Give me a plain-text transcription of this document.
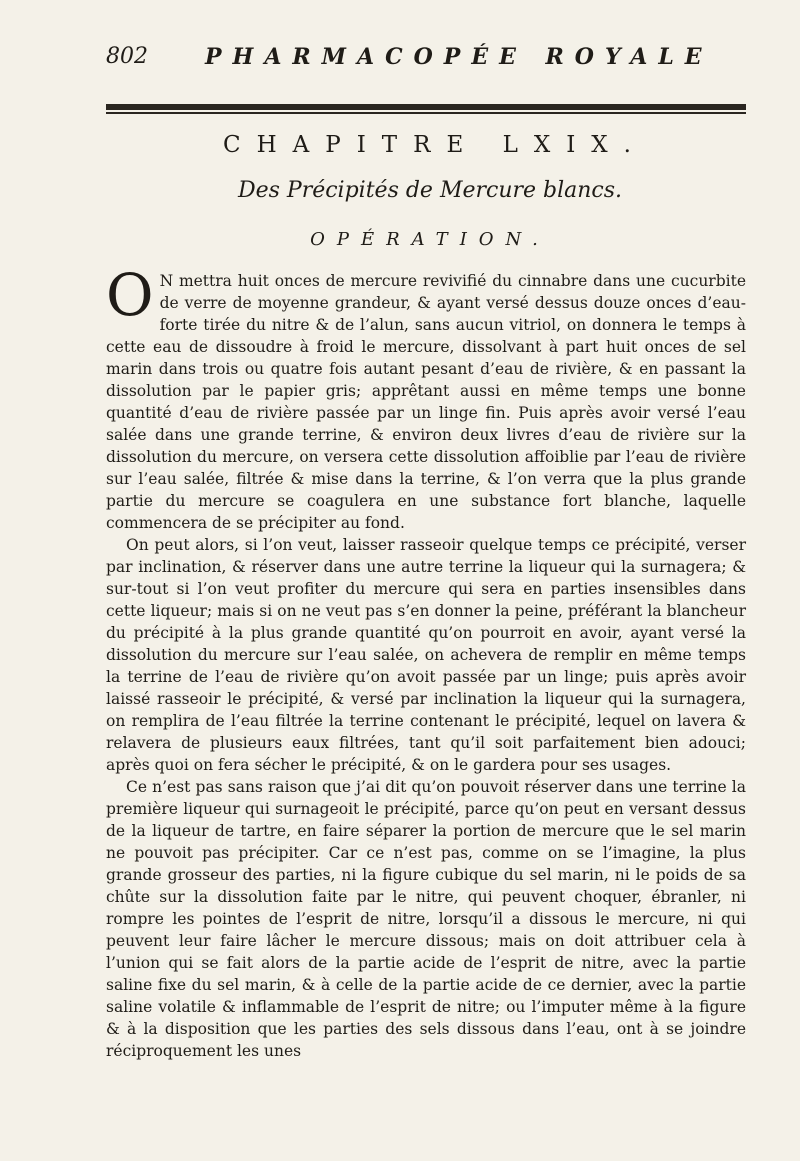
802	PHARMACOPÉE ROYALE
CHAPITRE LXIX.
Des Précipités de Mercure blancs.
OPÉRATION.

O N mettra huit onces de mercure revivifié du cinnabre dans une cucurbite de verre de moyenne grandeur, & ayant versé dessus douze onces d’eau-forte tirée du nitre & de l’alun, sans aucun vitriol, on donnera le temps à cette eau de dissoudre à froid le mercure, dissolvant à part huit onces de sel marin dans trois ou quatre fois autant pesant d’eau de rivière, & en passant la dissolution par le papier gris; apprêtant aussi en même temps une bonne quantité d’eau de rivière passée par un linge fin. Puis après avoir versé l’eau salée dans une grande terrine, & environ deux livres d’eau de rivière sur la dissolution du mercure, on versera cette dissolution affoiblie par l’eau de rivière sur l’eau salée, filtrée & mise dans la terrine, & l’on verra que la plus grande partie du mercure se coagulera en une substance fort blanche, laquelle commencera de se précipiter au fond.

On peut alors, si l’on veut, laisser rasseoir quelque temps ce précipité, verser par inclination, & réserver dans une autre terrine la liqueur qui la surnagera; & sur-tout si l’on veut profiter du mercure qui sera en parties insensibles dans cette liqueur; mais si on ne veut pas s’en donner la peine, préférant la blancheur du précipité à la plus grande quantité qu’on pourroit en avoir, ayant versé la dissolution du mercure sur l’eau salée, on achevera de remplir en même temps la terrine de l’eau de rivière qu’on avoit passée par un linge; puis après avoir laissé rasseoir le précipité, & versé par inclination la liqueur qui la surnagera, on remplira de l’eau filtrée la terrine contenant le précipité, lequel on lavera & relavera de plusieurs eaux filtrées, tant qu’il soit parfaitement bien adouci; après quoi on fera sécher le précipité, & on le gardera pour ses usages.

Ce n’est pas sans raison que j’ai dit qu’on pouvoit réserver dans une terrine la première liqueur qui surnageoit le précipité, parce qu’on peut en versant dessus de la liqueur de tartre, en faire séparer la portion de mercure que le sel marin ne pouvoit pas précipiter. Car ce n’est pas, comme on se l’imagine, la plus grande grosseur des parties, ni la figure cubique du sel marin, ni le poids de sa chûte sur la dissolution faite par le nitre, qui peuvent choquer, ébranler, ni rompre les pointes de l’esprit de nitre, lorsqu’il a dissous le mercure, ni qui peuvent leur faire lâcher le mercure dissous; mais on doit attribuer cela à l’union qui se fait alors de la partie acide de l’esprit de nitre, avec la partie saline fixe du sel marin, & à celle de la partie acide de ce dernier, avec la partie saline volatile & inflammable de l’esprit de nitre; ou l’imputer même à la figure & à la disposition que les parties des sels dissous dans l’eau, ont à se joindre réciproquement les unes
